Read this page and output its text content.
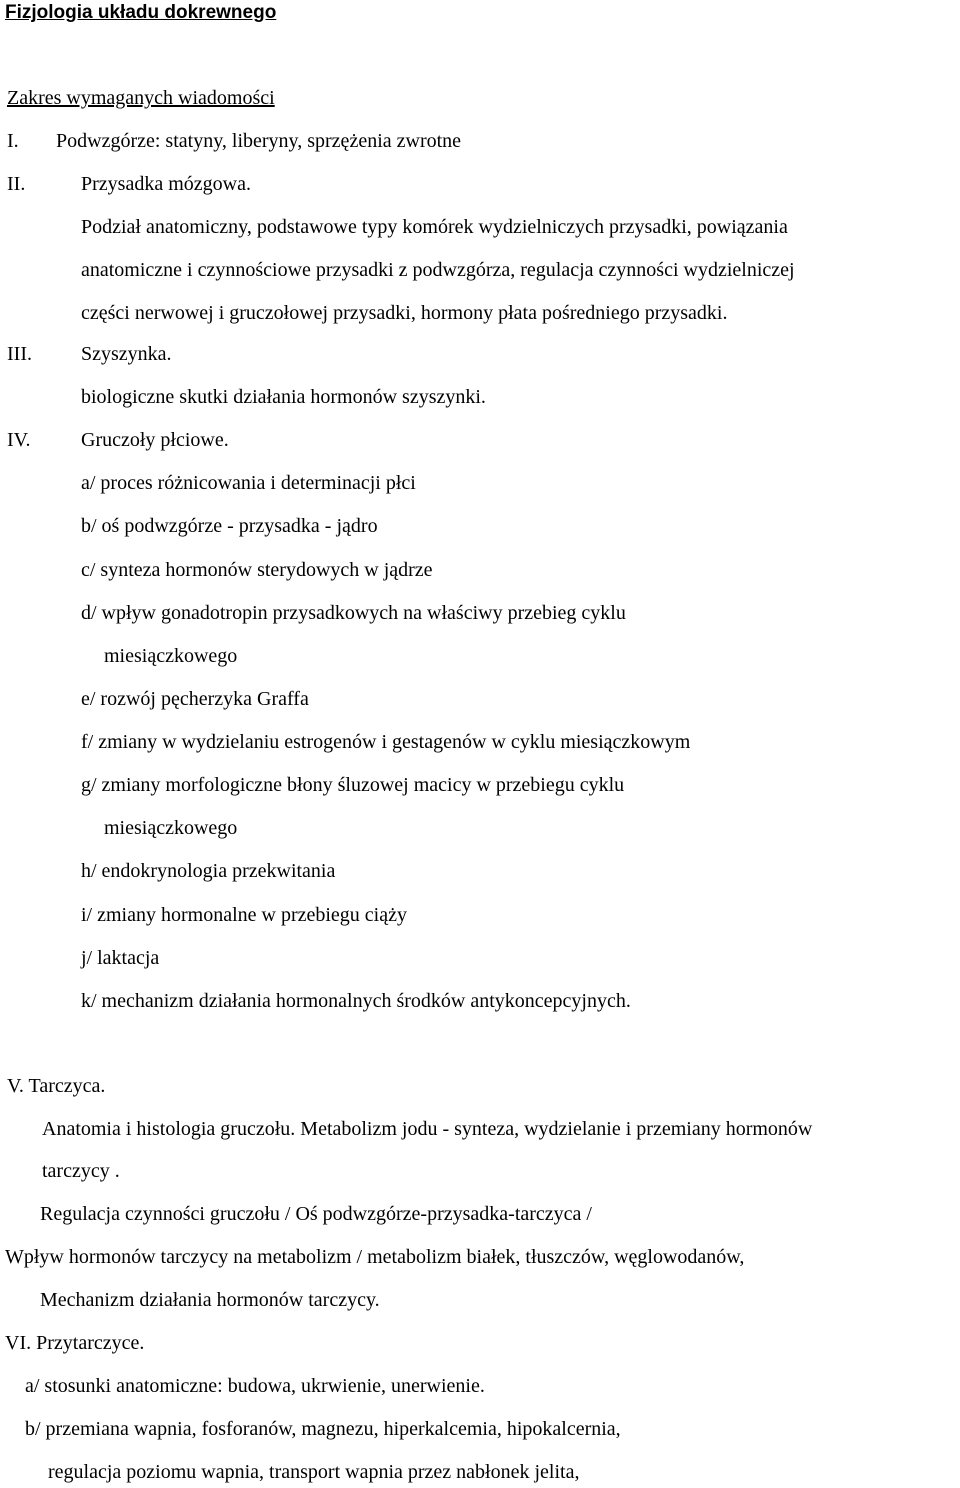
Fizjologia układu dokrewnego
Zakres wymaganych wiadomości
I. Podwzgórze: statyny, liberyny, sprzężenia zwrotne
II.	Przysadka mózgowa.
Podział anatomiczny, podstawowe typy komórek wydzielniczych przysadki, powiązania
anatomiczne i czynnościowe przysadki z podwzgórza, regulacja czynności wydzielniczej
części nerwowej i gruczołowej przysadki, hormony płata pośredniego przysadki.
III. Szyszynka.
biologiczne skutki działania hormonów szyszynki.
IV.	Gruczoły płciowe.
a/ proces różnicowania i determinacji płci
b/ oś podwzgórze - przysadka - jądro
c/ synteza hormonów sterydowych w jądrze
d/ wpływ gonadotropin przysadkowych na właściwy przebieg cyklu
miesiączkowego
e/ rozwój pęcherzyka Graffa
f/ zmiany w wydzielaniu estrogenów i gestagenów w cyklu miesiączkowym
g/ zmiany morfologiczne błony śluzowej macicy w przebiegu cyklu
miesiączkowego
h/ endokrynologia przekwitania
i/ zmiany hormonalne w przebiegu ciąży
j/ laktacja
k/ mechanizm działania hormonalnych środków antykoncepcyjnych.
V. Tarczyca.
Anatomia i histologia gruczołu. Metabolizm jodu - synteza, wydzielanie i przemiany hormonów
tarczycy .
Regulacja czynności gruczołu / Oś podwzgórze-przysadka-tarczyca /
Wpływ hormonów tarczycy na metabolizm / metabolizm białek, tłuszczów, węglowodanów,
Mechanizm działania hormonów tarczycy.
VI. Przytarczyce.
a/ stosunki anatomiczne: budowa, ukrwienie, unerwienie.
b/ przemiana wapnia, fosforanów, magnezu, hiperkalcemia, hipokalcernia,
regulacja poziomu wapnia, transport wapnia przez nabłonek jelita,
